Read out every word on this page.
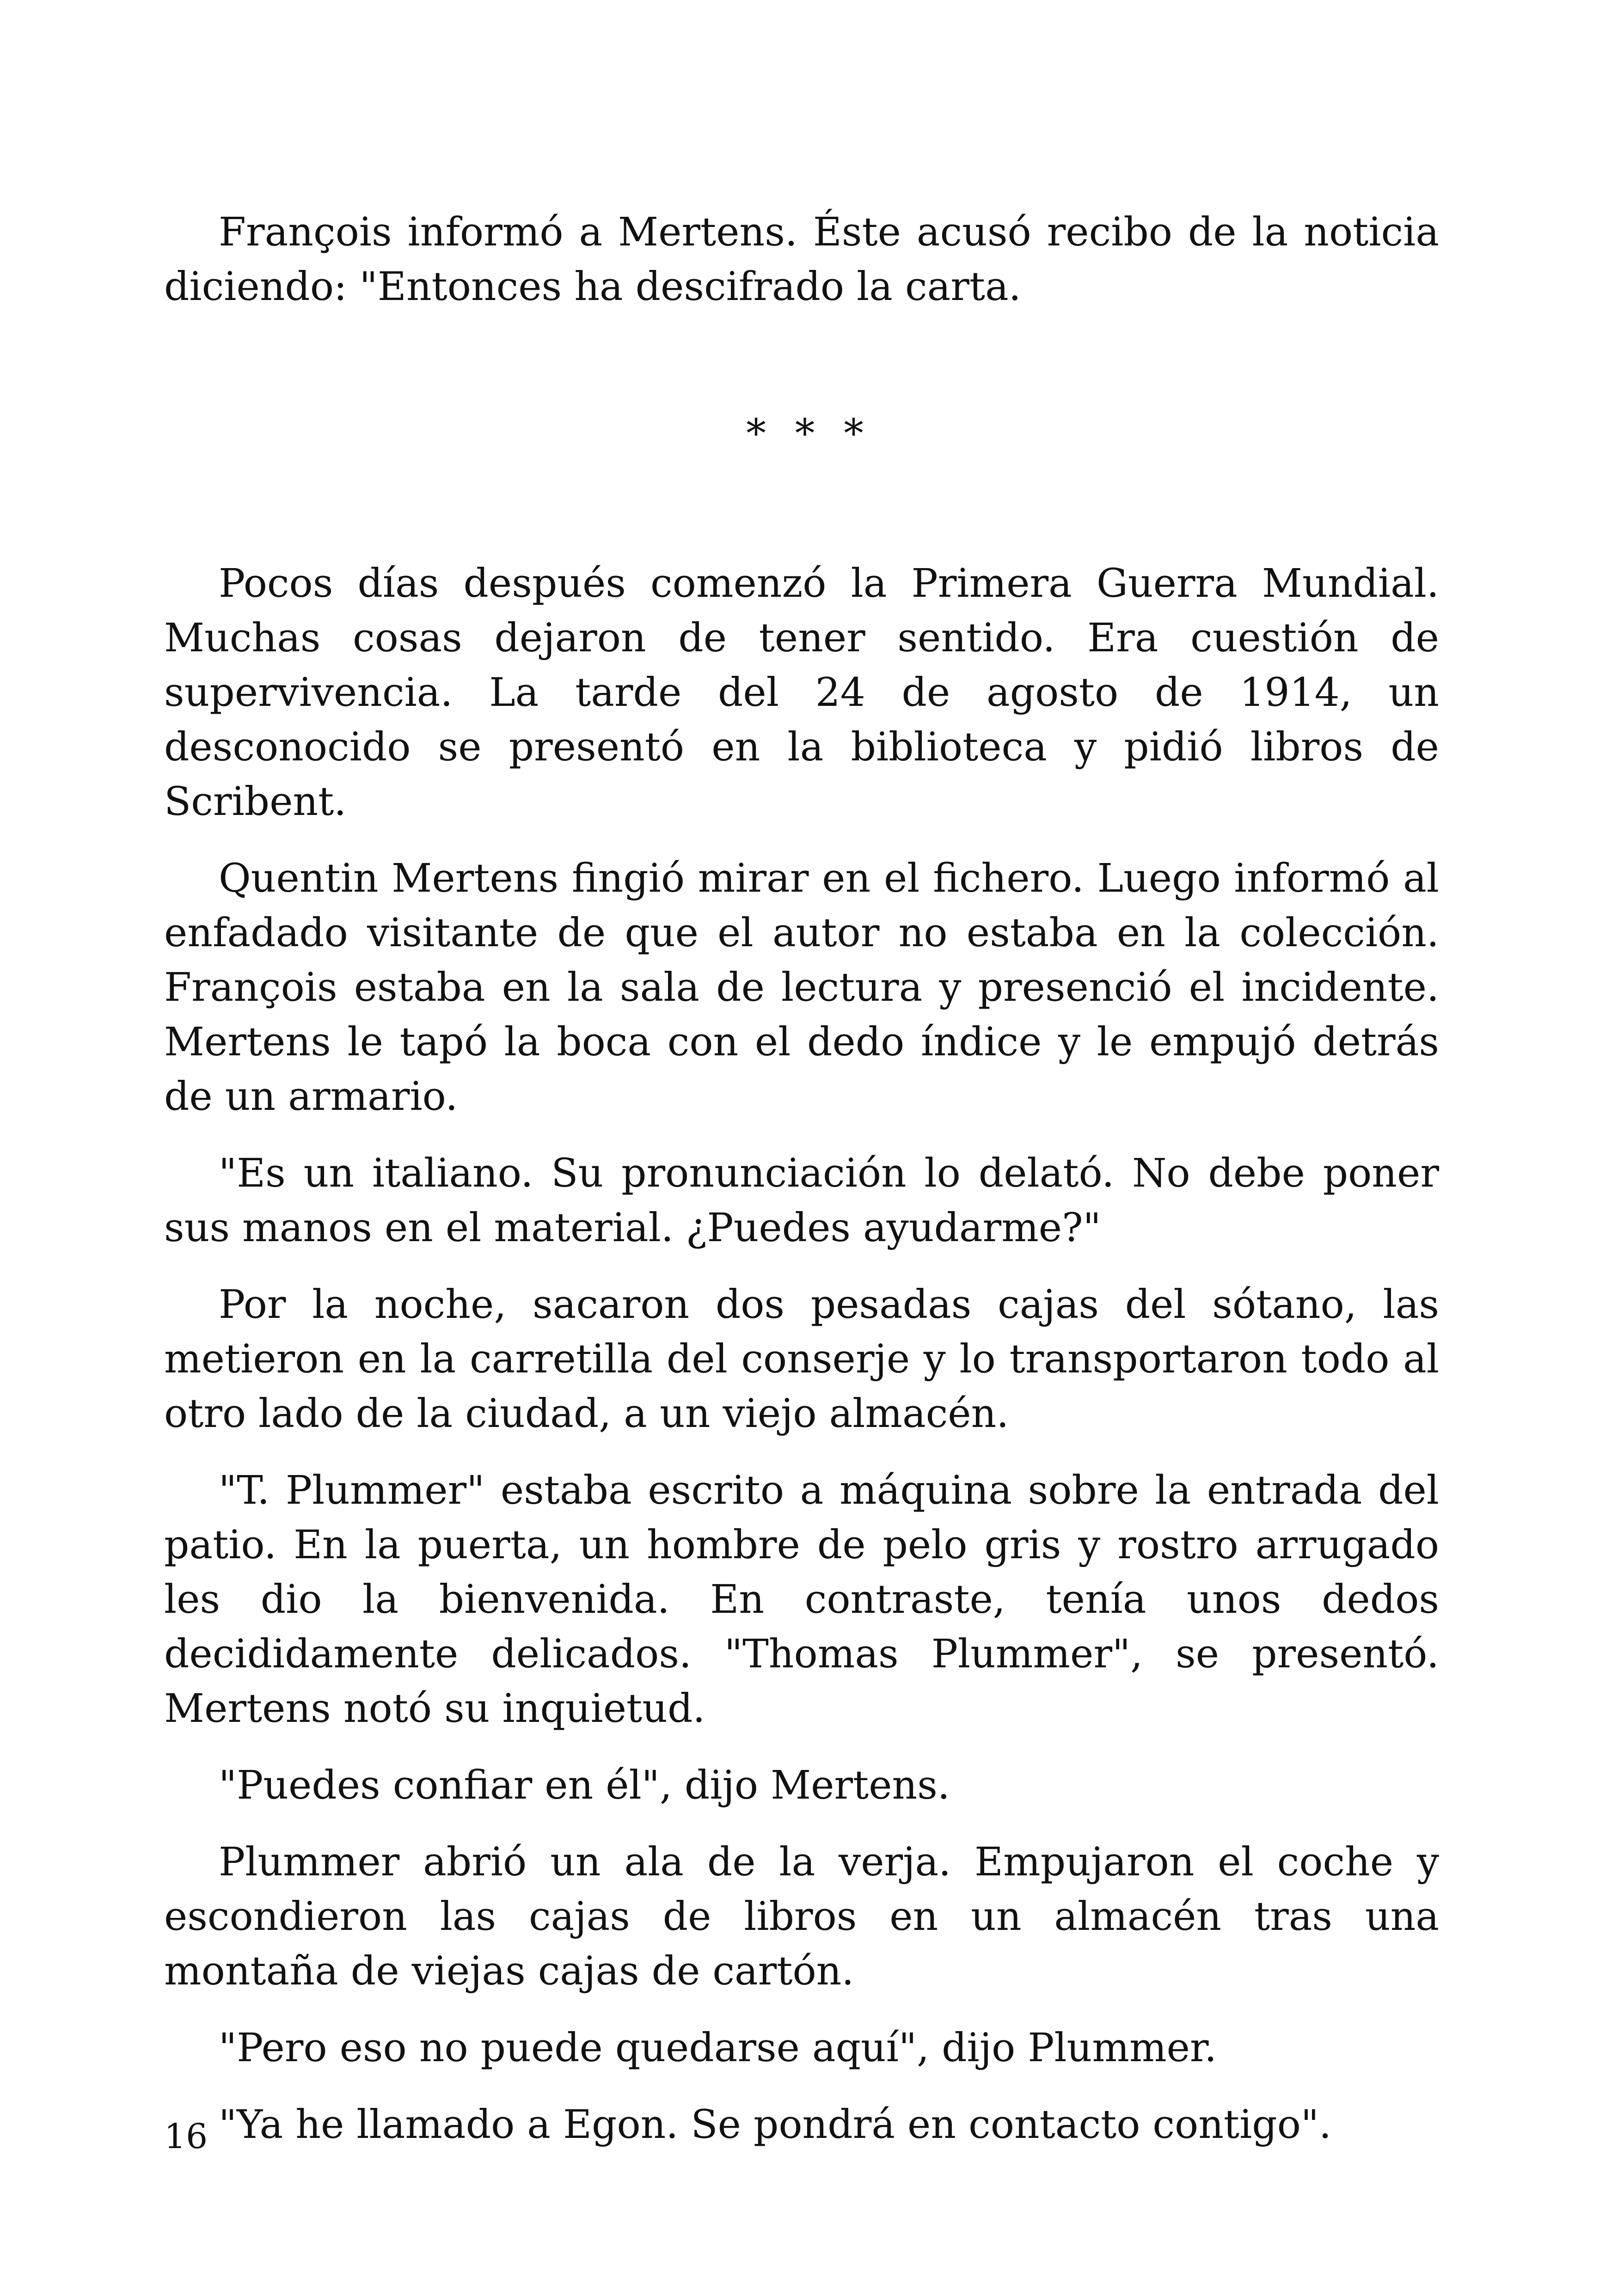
François informó a Mertens. Éste acusó recibo de la noticia diciendo: "Entonces ha descifrado la carta.

* * *

Pocos días después comenzó la Primera Guerra Mundial. Muchas cosas dejaron de tener sentido. Era cuestión de supervivencia. La tarde del 24 de agosto de 1914, un desconocido se presentó en la biblioteca y pidió libros de Scribent.

Quentin Mertens fingió mirar en el fichero. Luego informó al enfadado visitante de que el autor no estaba en la colección. François estaba en la sala de lectura y presenció el incidente. Mertens le tapó la boca con el dedo índice y le empujó detrás de un armario.

"Es un italiano. Su pronunciación lo delató. No debe poner sus manos en el material. ¿Puedes ayudarme?"

Por la noche, sacaron dos pesadas cajas del sótano, las metieron en la carretilla del conserje y lo transportaron todo al otro lado de la ciudad, a un viejo almacén.

"T. Plummer" estaba escrito a máquina sobre la entrada del patio. En la puerta, un hombre de pelo gris y rostro arrugado les dio la bienvenida. En contraste, tenía unos dedos decididamente delicados. "Thomas Plummer", se presentó. Mertens notó su inquietud.

"Puedes confiar en él", dijo Mertens.

Plummer abrió un ala de la verja. Empujaron el coche y escondieron las cajas de libros en un almacén tras una montaña de viejas cajas de cartón.

"Pero eso no puede quedarse aquí", dijo Plummer.

"Ya he llamado a Egon. Se pondrá en contacto contigo".

16
